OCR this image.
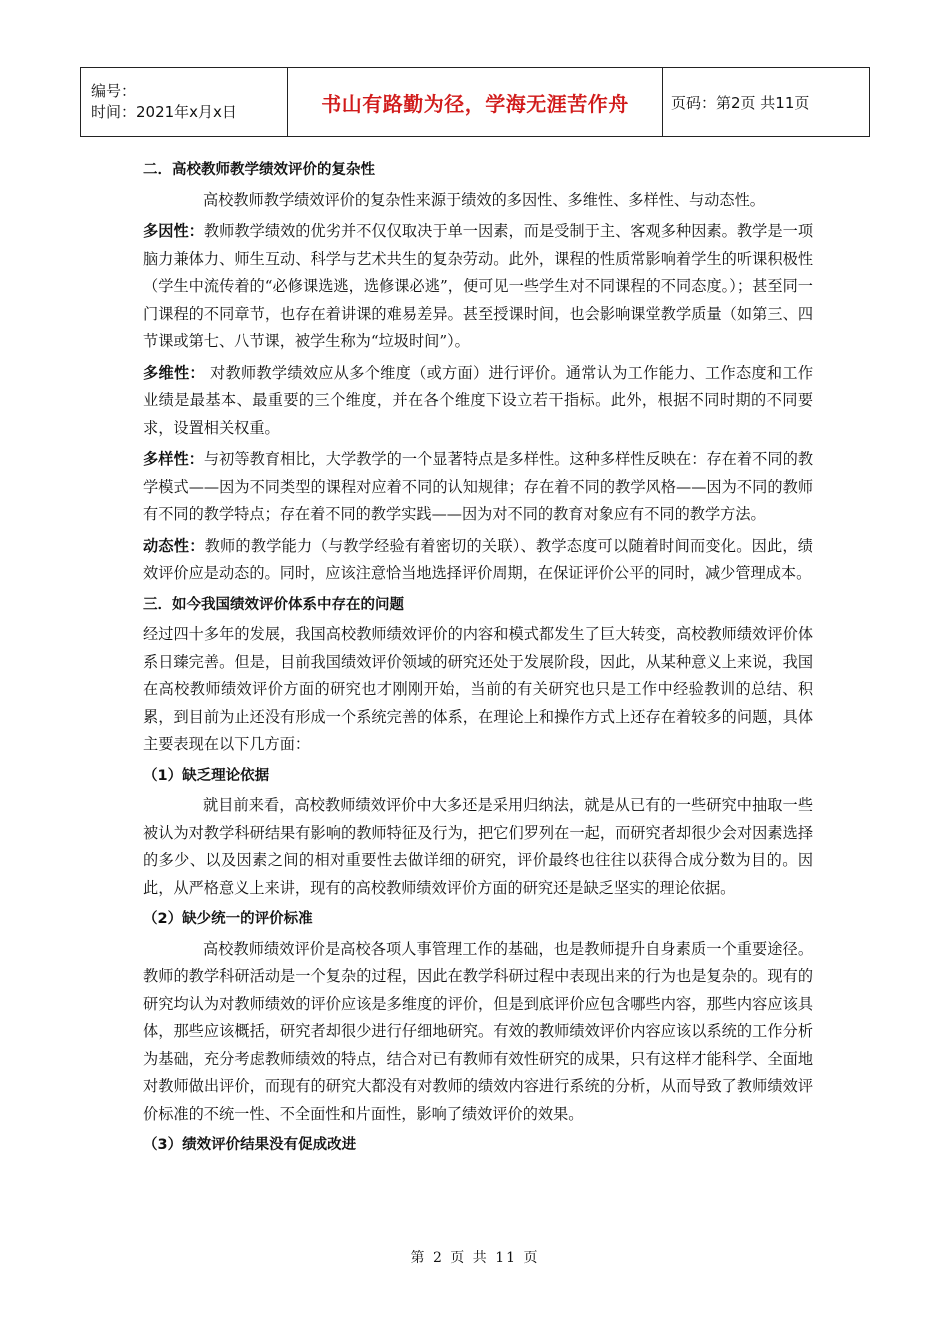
编号：
时间：2021年x月x日	书山有路勤为径，学海无涯苦作舟	页码：第2页 共11页

二．高校教师教学绩效评价的复杂性

高校教师教学绩效评价的复杂性来源于绩效的多因性、多维性、多样性、与动态性。

多因性：教师教学绩效的优劣并不仅仅取决于单一因素，而是受制于主、客观多种因素。教学是一项脑力兼体力、师生互动、科学与艺术共生的复杂劳动。此外，课程的性质常影响着学生的听课积极性（学生中流传着的“必修课选逃，选修课必逃”，便可见一些学生对不同课程的不同态度。）；甚至同一门课程的不同章节，也存在着讲课的难易差异。甚至授课时间，也会影响课堂教学质量（如第三、四节课或第七、八节课，被学生称为“垃圾时间”）。

多维性： 对教师教学绩效应从多个维度（或方面）进行评价。通常认为工作能力、工作态度和工作业绩是最基本、最重要的三个维度，并在各个维度下设立若干指标。此外，根据不同时期的不同要求，设置相关权重。

多样性：与初等教育相比，大学教学的一个显著特点是多样性。这种多样性反映在：存在着不同的教学模式——因为不同类型的课程对应着不同的认知规律；存在着不同的教学风格——因为不同的教师有不同的教学特点；存在着不同的教学实践——因为对不同的教育对象应有不同的教学方法。

动态性：教师的教学能力（与教学经验有着密切的关联）、教学态度可以随着时间而变化。因此，绩效评价应是动态的。同时，应该注意恰当地选择评价周期，在保证评价公平的同时，减少管理成本。

三．如今我国绩效评价体系中存在的问题

经过四十多年的发展，我国高校教师绩效评价的内容和模式都发生了巨大转变，高校教师绩效评价体系日臻完善。但是，目前我国绩效评价领域的研究还处于发展阶段，因此，从某种意义上来说，我国在高校教师绩效评价方面的研究也才刚刚开始，当前的有关研究也只是工作中经验教训的总结、积累，到目前为止还没有形成一个系统完善的体系，在理论上和操作方式上还存在着较多的问题，具体主要表现在以下几方面：

（1）缺乏理论依据

就目前来看，高校教师绩效评价中大多还是采用归纳法，就是从已有的一些研究中抽取一些被认为对教学科研结果有影响的教师特征及行为，把它们罗列在一起，而研究者却很少会对因素选择的多少、以及因素之间的相对重要性去做详细的研究，评价最终也往往以获得合成分数为目的。因此，从严格意义上来讲，现有的高校教师绩效评价方面的研究还是缺乏坚实的理论依据。

（2）缺少统一的评价标准

高校教师绩效评价是高校各项人事管理工作的基础，也是教师提升自身素质一个重要途径。教师的教学科研活动是一个复杂的过程，因此在教学科研过程中表现出来的行为也是复杂的。现有的研究均认为对教师绩效的评价应该是多维度的评价，但是到底评价应包含哪些内容，那些内容应该具体，那些应该概括，研究者却很少进行仔细地研究。有效的教师绩效评价内容应该以系统的工作分析为基础，充分考虑教师绩效的特点，结合对已有教师有效性研究的成果，只有这样才能科学、全面地对教师做出评价，而现有的研究大都没有对教师的绩效内容进行系统的分析，从而导致了教师绩效评价标准的不统一性、不全面性和片面性，影响了绩效评价的效果。

（3）绩效评价结果没有促成改进

第 2 页 共 11 页
